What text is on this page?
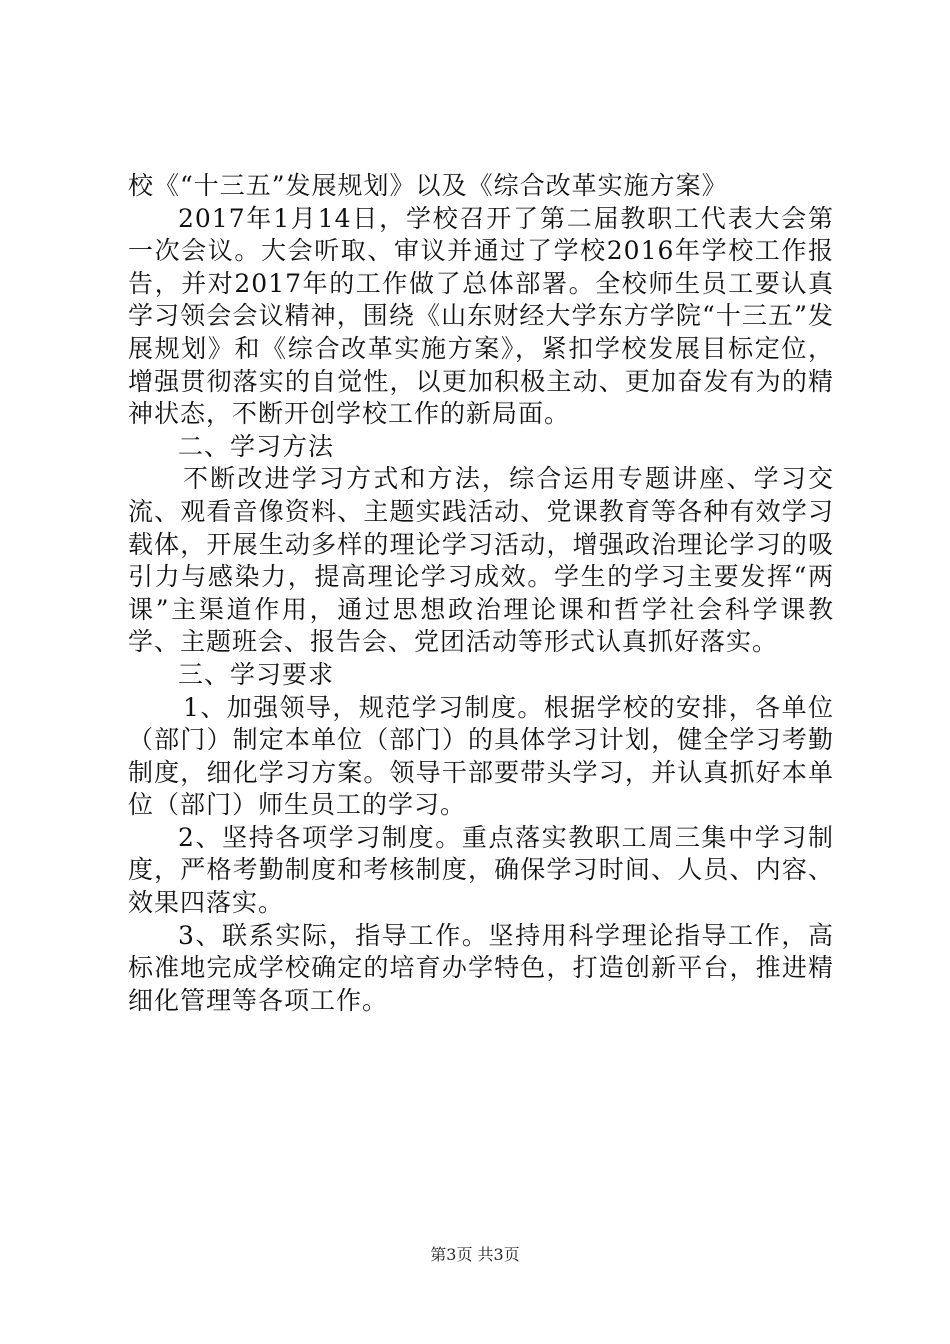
校《“十三五”发展规划》以及《综合改革实施方案》

2017年1月14日，学校召开了第二届教职工代表大会第一次会议。大会听取、审议并通过了学校2016年学校工作报告，并对2017年的工作做了总体部署。全校师生员工要认真学习领会会议精神，围绕《山东财经大学东方学院“十三五”发展规划》和《综合改革实施方案》，紧扣学校发展目标定位，增强贯彻落实的自觉性，以更加积极主动、更加奋发有为的精神状态，不断开创学校工作的新局面。

二、学习方法

不断改进学习方式和方法，综合运用专题讲座、学习交流、观看音像资料、主题实践活动、党课教育等各种有效学习载体，开展生动多样的理论学习活动，增强政治理论学习的吸引力与感染力，提高理论学习成效。学生的学习主要发挥“两课”主渠道作用，通过思想政治理论课和哲学社会科学课教学、主题班会、报告会、党团活动等形式认真抓好落实。

三、学习要求

1、加强领导，规范学习制度。根据学校的安排，各单位（部门）制定本单位（部门）的具体学习计划，健全学习考勤制度，细化学习方案。领导干部要带头学习，并认真抓好本单位（部门）师生员工的学习。

2、坚持各项学习制度。重点落实教职工周三集中学习制度，严格考勤制度和考核制度，确保学习时间、人员、内容、效果四落实。

3、联系实际，指导工作。坚持用科学理论指导工作，高标准地完成学校确定的培育办学特色，打造创新平台，推进精细化管理等各项工作。

第3页 共3页
